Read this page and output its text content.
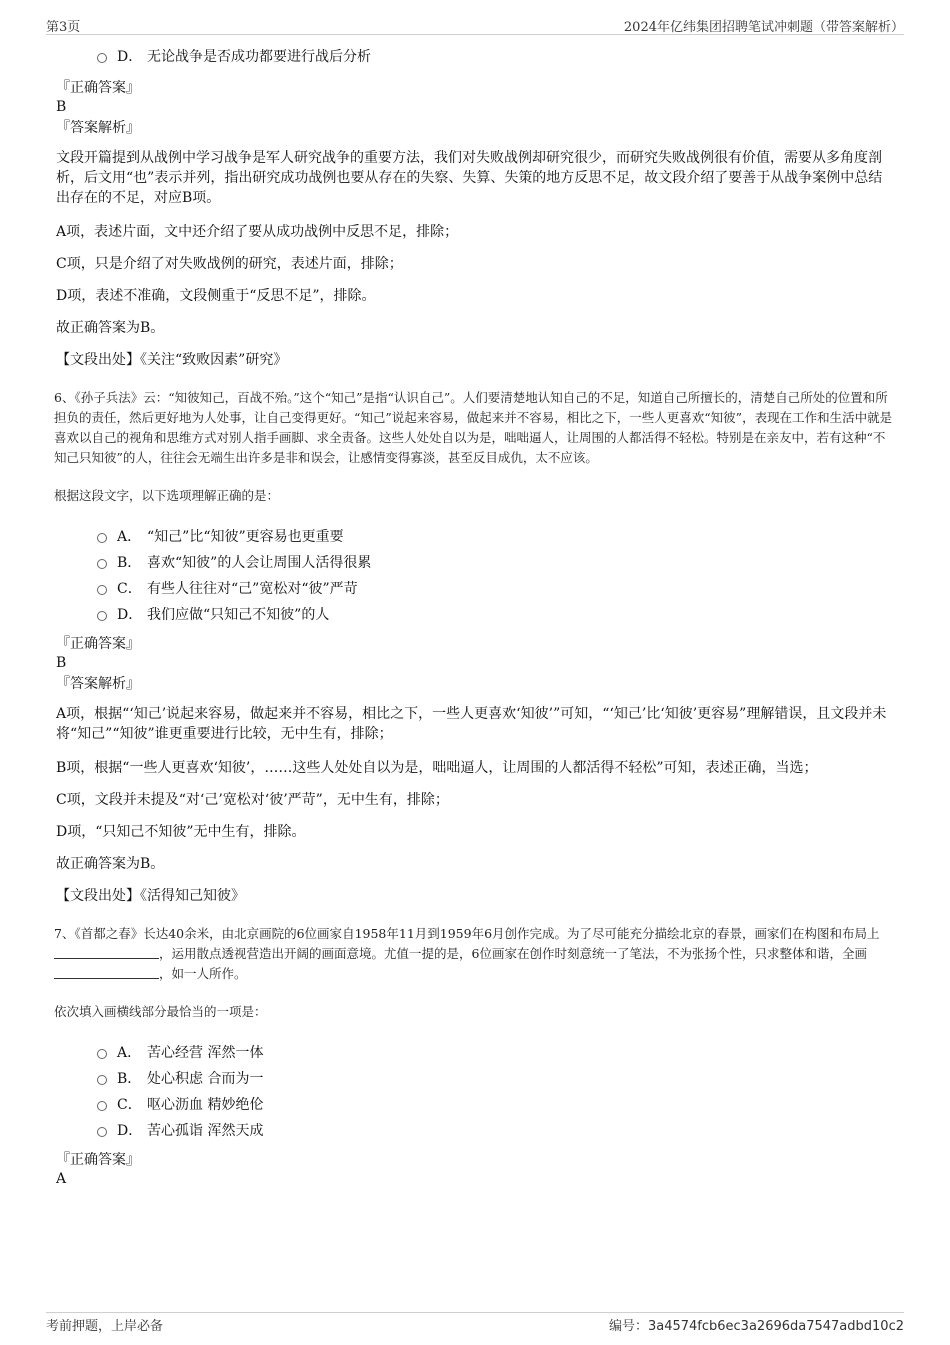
第3页	2024年亿纬集团招聘笔试冲刺题（带答案解析）
D． 无论战争是否成功都要进行战后分析
『正确答案』
B
『答案解析』

文段开篇提到从战例中学习战争是军人研究战争的重要方法，我们对失败战例却研究很少，而研究失败战例很有价值，需要从多角度剖析，后文用“也”表示并列，指出研究成功战例也要从存在的失察、失算、失策的地方反思不足，故文段介绍了要善于从战争案例中总结出存在的不足，对应B项。

A项，表述片面，文中还介绍了要从成功战例中反思不足，排除；

C项，只是介绍了对失败战例的研究，表述片面，排除；

D项，表述不准确，文段侧重于“反思不足”，排除。

故正确答案为B。

【文段出处】《关注“致败因素”研究》

6、《孙子兵法》云：“知彼知己，百战不殆。”这个“知己”是指“认识自己”。人们要清楚地认知自己的不足，知道自己所擅长的，清楚自己所处的位置和所担负的责任，然后更好地为人处事，让自己变得更好。“知己”说起来容易，做起来并不容易，相比之下，一些人更喜欢“知彼”，表现在工作和生活中就是喜欢以自己的视角和思维方式对别人指手画脚、求全责备。这些人处处自以为是，咄咄逼人，让周围的人都活得不轻松。特别是在亲友中，若有这种“不知己只知彼”的人，往往会无端生出许多是非和误会，让感情变得寡淡，甚至反目成仇，太不应该。

根据这段文字，以下选项理解正确的是：

A． “知己”比“知彼”更容易也更重要
B． 喜欢“知彼”的人会让周围人活得很累
C． 有些人往往对“己”宽松对“彼”严苛
D． 我们应做“只知己不知彼”的人
『正确答案』
B
『答案解析』

A项，根据“‘知己’说起来容易，做起来并不容易，相比之下，一些人更喜欢‘知彼’”可知，“‘知己’比‘知彼’更容易”理解错误，且文段并未将“知己”“知彼”谁更重要进行比较，无中生有，排除；

B项，根据“一些人更喜欢‘知彼’，……这些人处处自以为是，咄咄逼人，让周围的人都活得不轻松”可知，表述正确，当选；

C项，文段并未提及“对‘己’宽松对‘彼’严苛”，无中生有，排除；

D项，“只知己不知彼”无中生有，排除。

故正确答案为B。

【文段出处】《活得知己知彼》

7、《首都之春》长达40余米，由北京画院的6位画家自1958年11月到1959年6月创作完成。为了尽可能充分描绘北京的春景，画家们在构图和布局上 ，运用散点透视营造出开阔的画面意境。尤值一提的是，6位画家在创作时刻意统一了笔法，不为张扬个性，只求整体和谐，全画 ，如一人所作。

依次填入画横线部分最恰当的一项是：

A． 苦心经营 浑然一体
B． 处心积虑 合而为一
C． 呕心沥血 精妙绝伦
D． 苦心孤诣 浑然天成
『正确答案』
A
考前押题，上岸必备	编号：3a4574fcb6ec3a2696da7547adbd10c2
